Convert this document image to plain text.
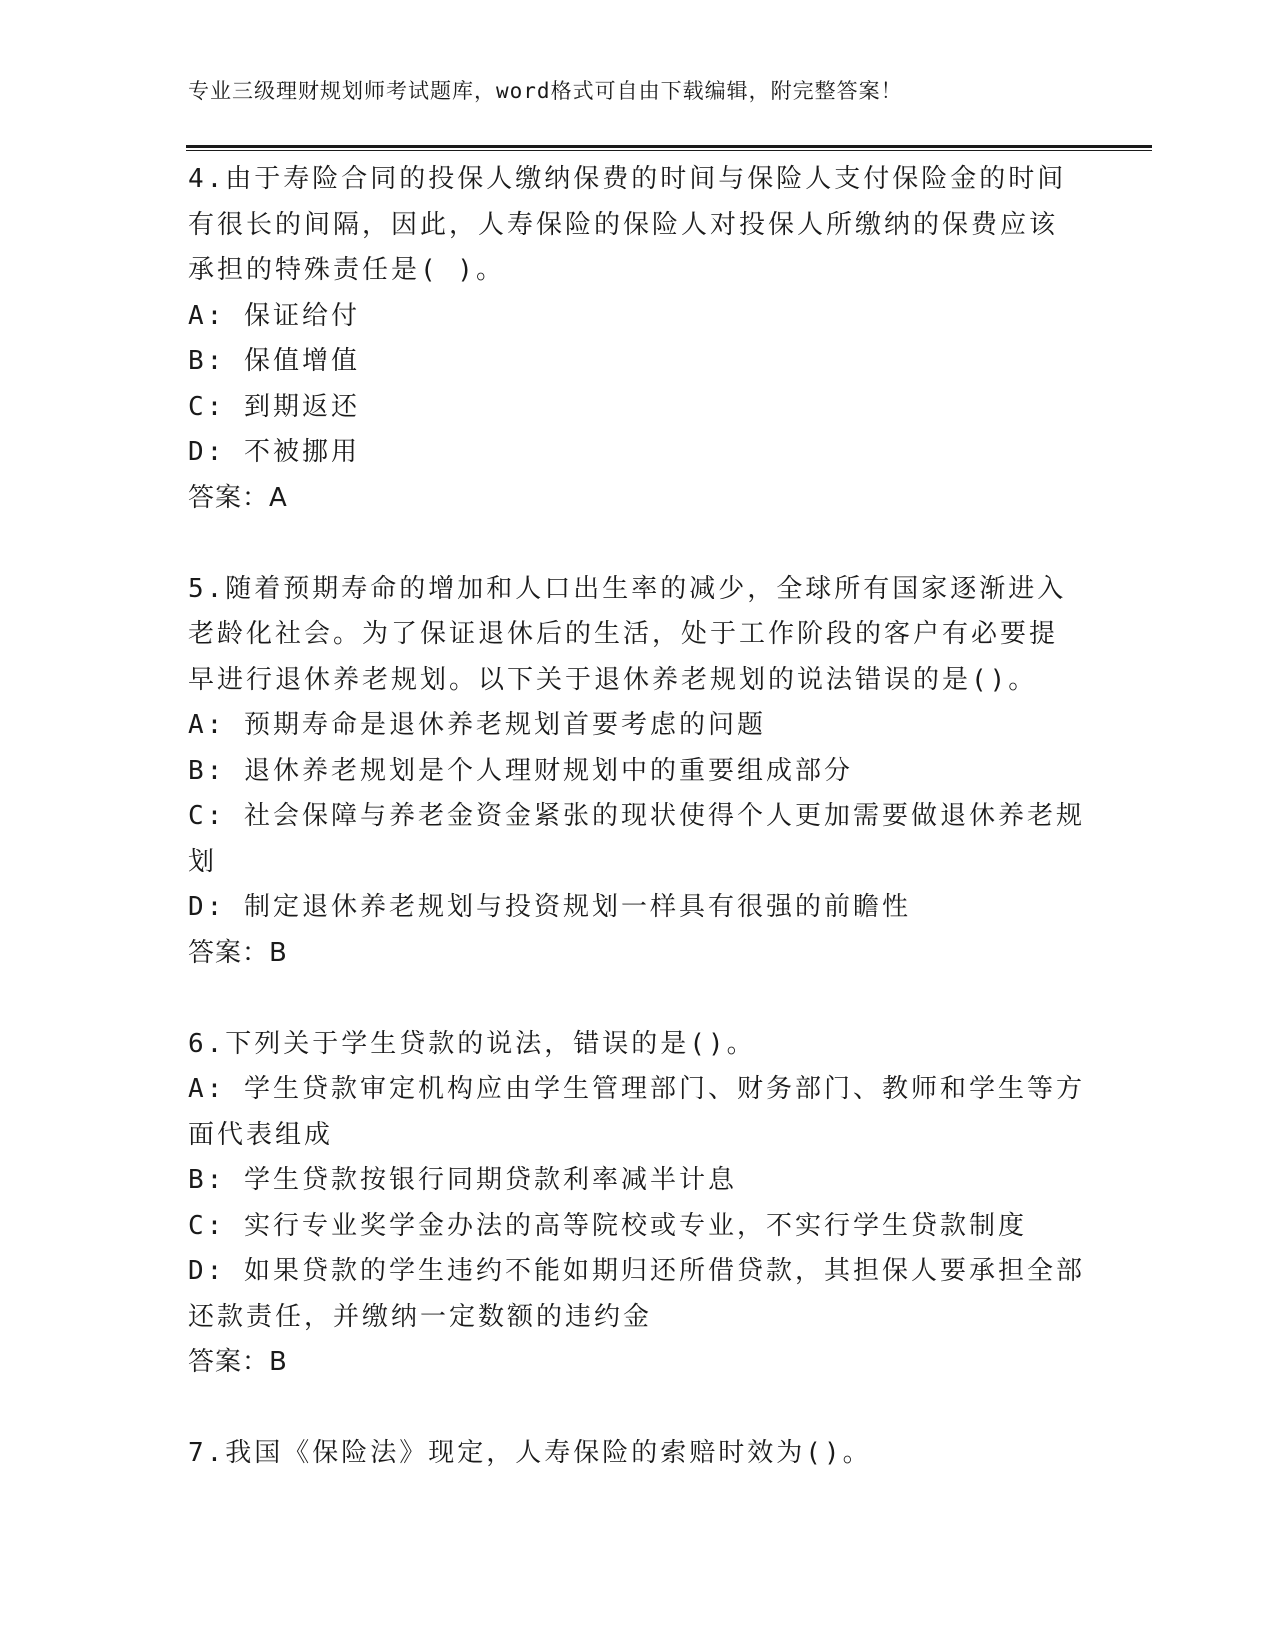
专业三级理财规划师考试题库，word格式可自由下载编辑，附完整答案！
4.由于寿险合同的投保人缴纳保费的时间与保险人支付保险金的时间
有很长的间隔，因此，人寿保险的保险人对投保人所缴纳的保费应该
承担的特殊责任是( )。
A: 保证给付
B: 保值增值
C: 到期返还
D: 不被挪用
答案：A
5.随着预期寿命的增加和人口出生率的减少，全球所有国家逐渐进入
老龄化社会。为了保证退休后的生活，处于工作阶段的客户有必要提
早进行退休养老规划。以下关于退休养老规划的说法错误的是()。
A: 预期寿命是退休养老规划首要考虑的问题
B: 退休养老规划是个人理财规划中的重要组成部分
C: 社会保障与养老金资金紧张的现状使得个人更加需要做退休养老规
划
D: 制定退休养老规划与投资规划一样具有很强的前瞻性
答案：B
6.下列关于学生贷款的说法，错误的是()。
A: 学生贷款审定机构应由学生管理部门、财务部门、教师和学生等方
面代表组成
B: 学生贷款按银行同期贷款利率减半计息
C: 实行专业奖学金办法的高等院校或专业，不实行学生贷款制度
D: 如果贷款的学生违约不能如期归还所借贷款，其担保人要承担全部
还款责任，并缴纳一定数额的违约金
答案：B
7.我国《保险法》现定，人寿保险的索赔时效为()。
